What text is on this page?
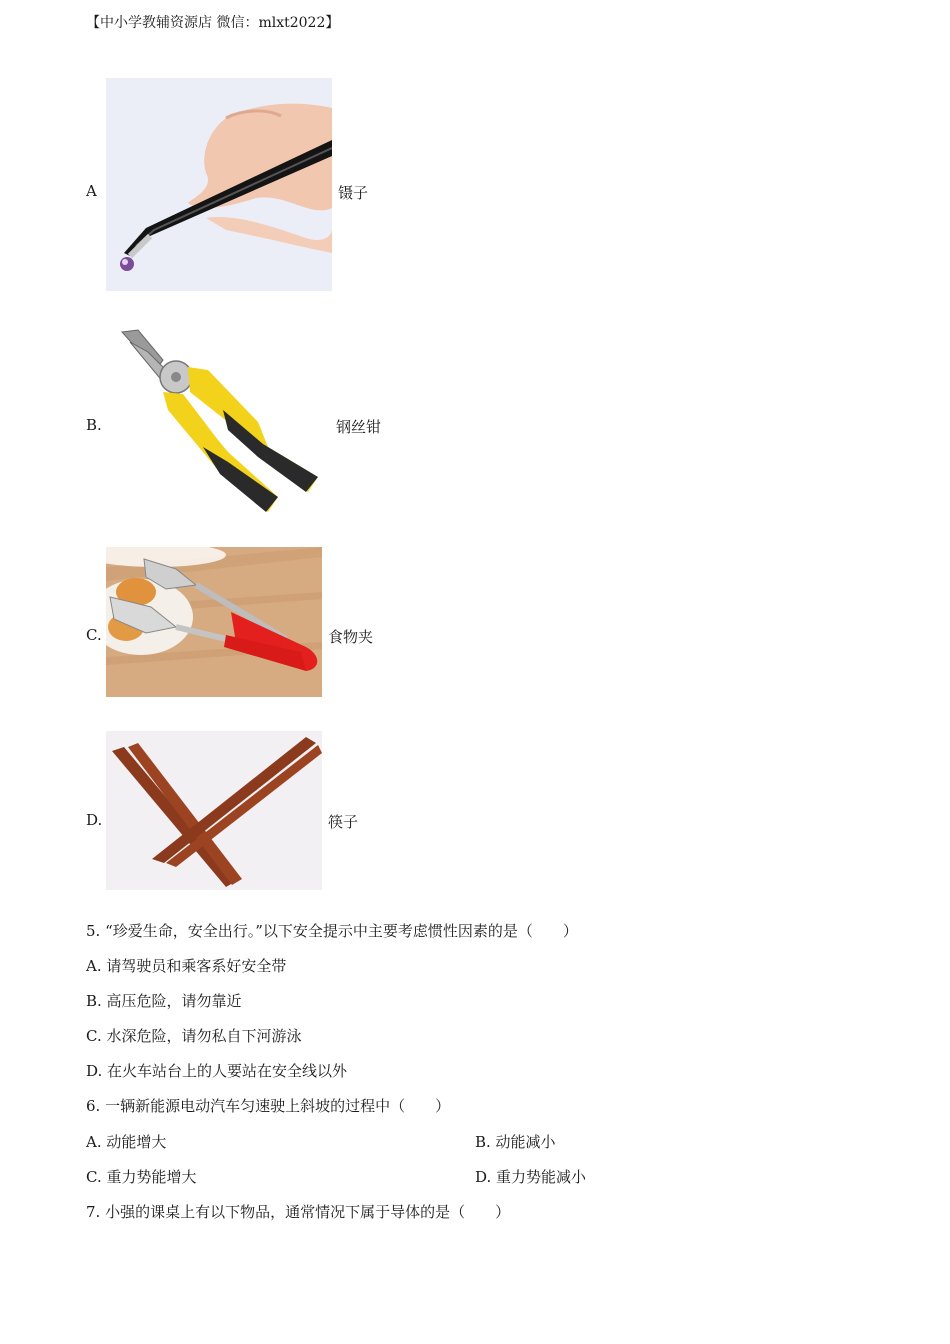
【中小学教辅资源店 微信：mlxt2022】
A	镊子
B.	钢丝钳
C.	食物夹
D.	筷子
5. “珍爱生命，安全出行。”以下安全提示中主要考虑惯性因素的是（　　）
A. 请驾驶员和乘客系好安全带
B. 高压危险，请勿靠近
C. 水深危险，请勿私自下河游泳
D. 在火车站台上的人要站在安全线以外
6. 一辆新能源电动汽车匀速驶上斜坡的过程中（　　）
A. 动能增大	B. 动能减小
C. 重力势能增大	D. 重力势能减小
7. 小强的课桌上有以下物品，通常情况下属于导体的是（　　）
